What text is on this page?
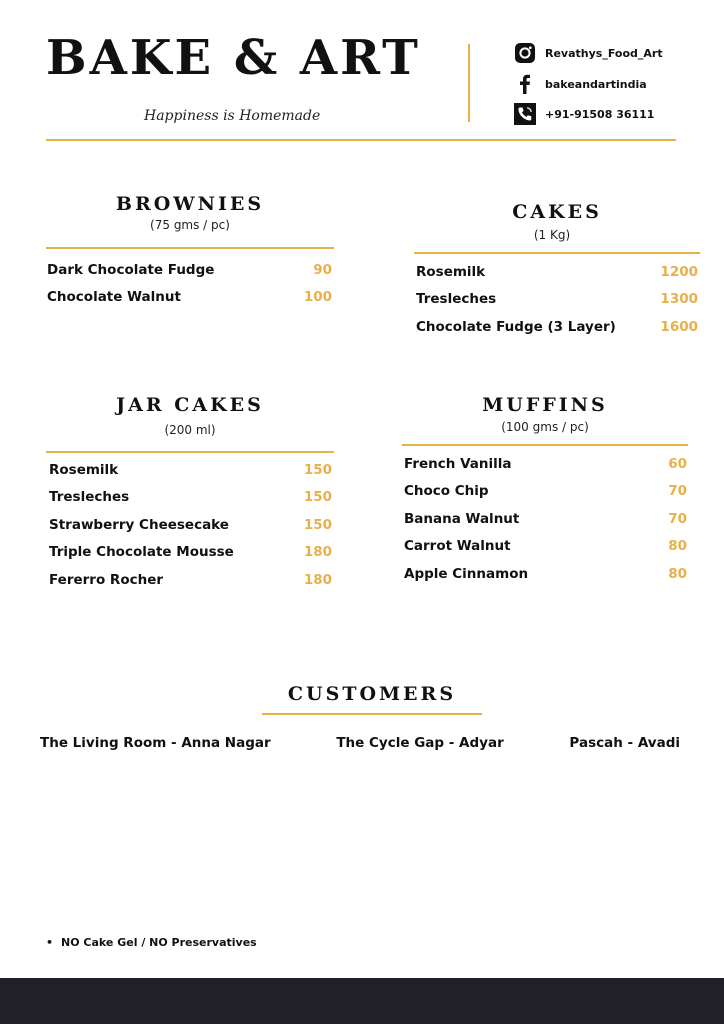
BAKE & ART
Happiness is Homemade
Revathys_Food_Art
bakeandartindia
+91-91508 36111
BROWNIES
(75 gms / pc)
Dark Chocolate Fudge	90
Chocolate Walnut	100
CAKES
(1 Kg)
Rosemilk	1200
Tresleches	1300
Chocolate Fudge (3 Layer)	1600
JAR CAKES
(200 ml)
Rosemilk	150
Tresleches	150
Strawberry Cheesecake	150
Triple Chocolate Mousse	180
Fererro Rocher	180
MUFFINS
(100 gms / pc)
French Vanilla	60
Choco Chip	70
Banana Walnut	70
Carrot Walnut	80
Apple Cinnamon	80
CUSTOMERS
The Living Room - Anna Nagar	The Cycle Gap - Adyar	Pascah - Avadi
• NO Cake Gel / NO Preservatives
